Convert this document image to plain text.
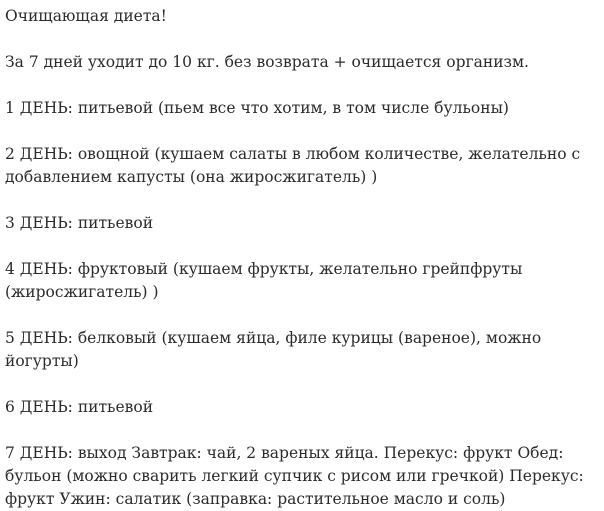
Очищающая диета!

За 7 дней уходит до 10 кг. без возврата + очищается организм.

1 ДЕНЬ: питьевой (пьем все что хотим, в том числе бульоны)

2 ДЕНЬ: овощной (кушаем салаты в любом количестве, желательно с добавлением капусты (она жиросжигатель) )

3 ДЕНЬ: питьевой

4 ДЕНЬ: фруктовый (кушаем фрукты, желательно грейпфруты (жиросжигатель) )

5 ДЕНЬ: белковый (кушаем яйца, филе курицы (вареное), можно йогурты)

6 ДЕНЬ: питьевой

7 ДЕНЬ: выход Завтрак: чай, 2 вареных яйца. Перекус: фрукт Обед: бульон (можно сварить легкий супчик с рисом или гречкой) Перекус: фрукт Ужин: салатик (заправка: растительное масло и соль)
